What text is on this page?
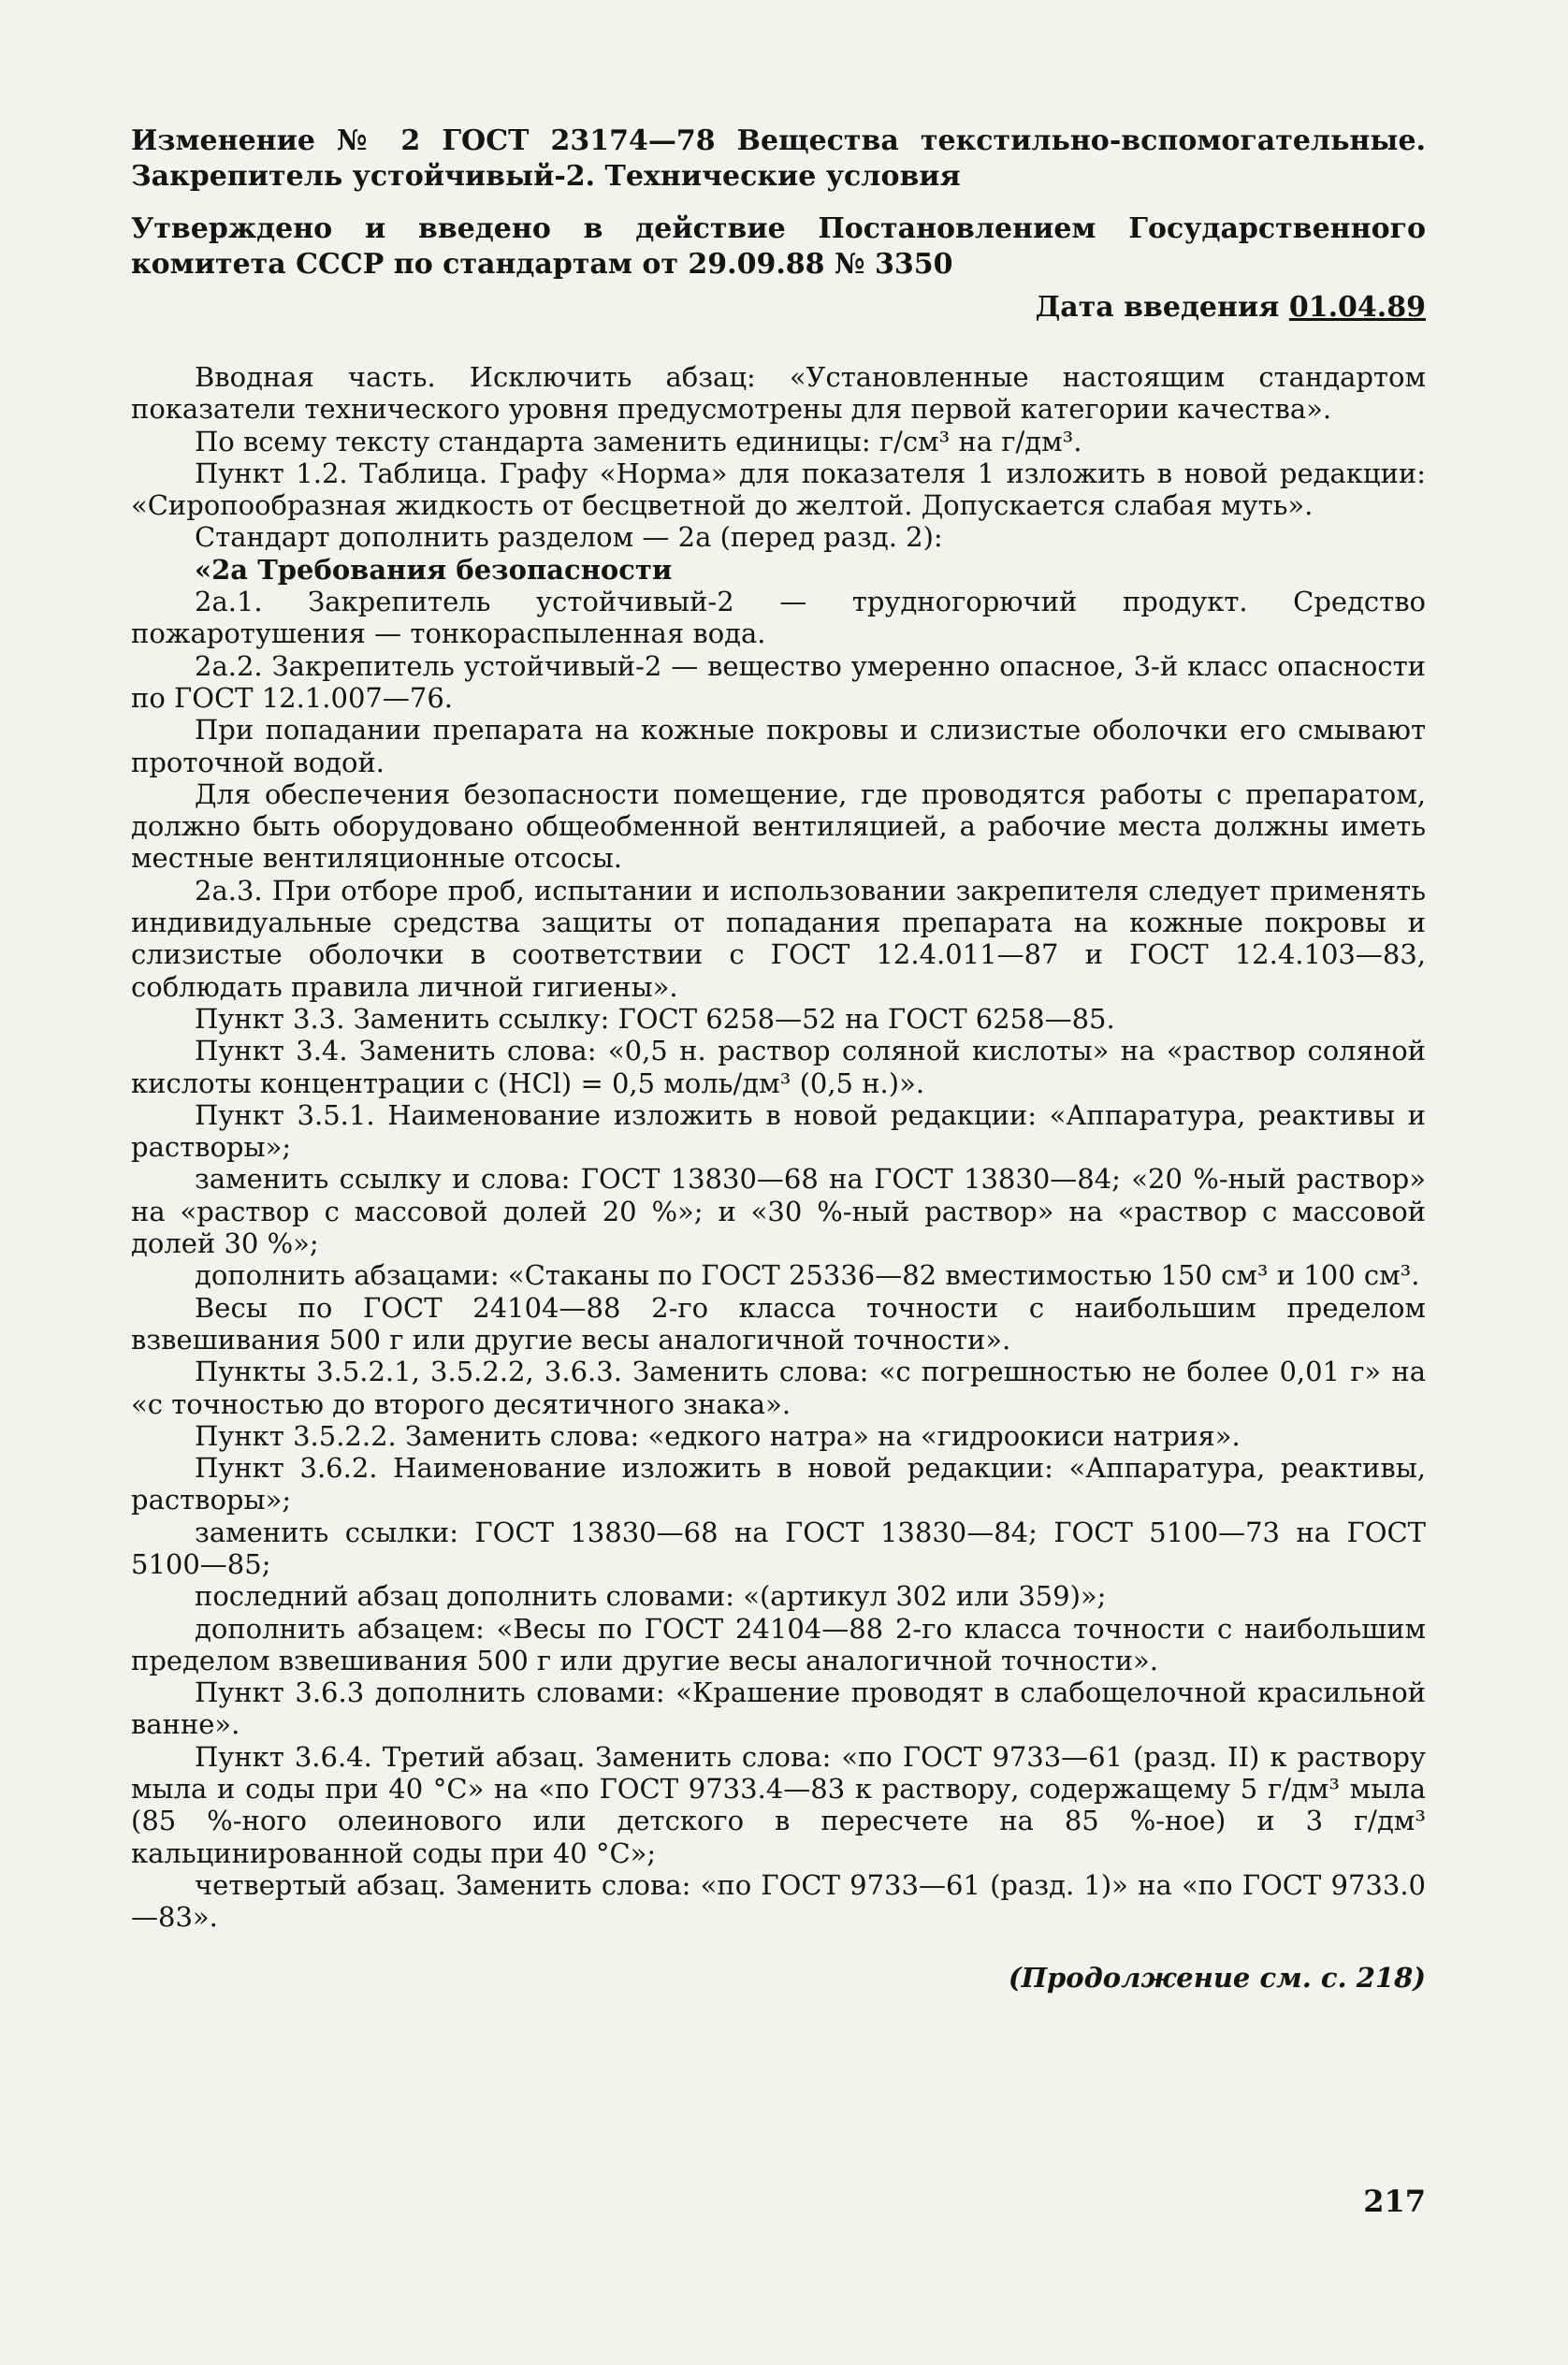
Изменение № 2 ГОСТ 23174—78 Вещества текстильно-вспомогательные. Закрепитель устойчивый-2. Технические условия

Утверждено и введено в действие Постановлением Государственного комитета СССР по стандартам от 29.09.88 № 3350

Дата введения 01.04.89

Вводная часть. Исключить абзац: «Установленные настоящим стандартом показатели технического уровня предусмотрены для первой категории качества».

По всему тексту стандарта заменить единицы: г/см³ на г/дм³.

Пункт 1.2. Таблица. Графу «Норма» для показателя 1 изложить в новой редакции: «Сиропообразная жидкость от бесцветной до желтой. Допускается слабая муть».

Стандарт дополнить разделом — 2а (перед разд. 2):

«2а Требования безопасности

2а.1. Закрепитель устойчивый-2 — трудногорючий продукт. Средство пожаротушения — тонкораспыленная вода.

2а.2. Закрепитель устойчивый-2 — вещество умеренно опасное, 3-й класс опасности по ГОСТ 12.1.007—76.

При попадании препарата на кожные покровы и слизистые оболочки его смывают проточной водой.

Для обеспечения безопасности помещение, где проводятся работы с препаратом, должно быть оборудовано общеобменной вентиляцией, а рабочие места должны иметь местные вентиляционные отсосы.

2а.3. При отборе проб, испытании и использовании закрепителя следует применять индивидуальные средства защиты от попадания препарата на кожные покровы и слизистые оболочки в соответствии с ГОСТ 12.4.011—87 и ГОСТ 12.4.103—83, соблюдать правила личной гигиены».

Пункт 3.3. Заменить ссылку: ГОСТ 6258—52 на ГОСТ 6258—85.

Пункт 3.4. Заменить слова: «0,5 н. раствор соляной кислоты» на «раствор соляной кислоты концентрации с (HCl) = 0,5 моль/дм³ (0,5 н.)».

Пункт 3.5.1. Наименование изложить в новой редакции: «Аппаратура, реактивы и растворы»;

заменить ссылку и слова: ГОСТ 13830—68 на ГОСТ 13830—84; «20 %-ный раствор» на «раствор с массовой долей 20 %»; и «30 %-ный раствор» на «раствор с массовой долей 30 %»;

дополнить абзацами: «Стаканы по ГОСТ 25336—82 вместимостью 150 см³ и 100 см³.

Весы по ГОСТ 24104—88 2-го класса точности с наибольшим пределом взвешивания 500 г или другие весы аналогичной точности».

Пункты 3.5.2.1, 3.5.2.2, 3.6.3. Заменить слова: «с погрешностью не более 0,01 г» на «с точностью до второго десятичного знака».

Пункт 3.5.2.2. Заменить слова: «едкого натра» на «гидроокиси натрия».

Пункт 3.6.2. Наименование изложить в новой редакции: «Аппаратура, реактивы, растворы»;

заменить ссылки: ГОСТ 13830—68 на ГОСТ 13830—84; ГОСТ 5100—73 на ГОСТ 5100—85;

последний абзац дополнить словами: «(артикул 302 или 359)»;

дополнить абзацем: «Весы по ГОСТ 24104—88 2-го класса точности с наибольшим пределом взвешивания 500 г или другие весы аналогичной точности».

Пункт 3.6.3 дополнить словами: «Крашение проводят в слабощелочной красильной ванне».

Пункт 3.6.4. Третий абзац. Заменить слова: «по ГОСТ 9733—61 (разд. II) к раствору мыла и соды при 40 °С» на «по ГОСТ 9733.4—83 к раствору, содержащему 5 г/дм³ мыла (85 %-ного олеинового или детского в пересчете на 85 %-ное) и 3 г/дм³ кальцинированной соды при 40 °С»;

четвертый абзац. Заменить слова: «по ГОСТ 9733—61 (разд. 1)» на «по ГОСТ 9733.0—83».

(Продолжение см. с. 218)

217
